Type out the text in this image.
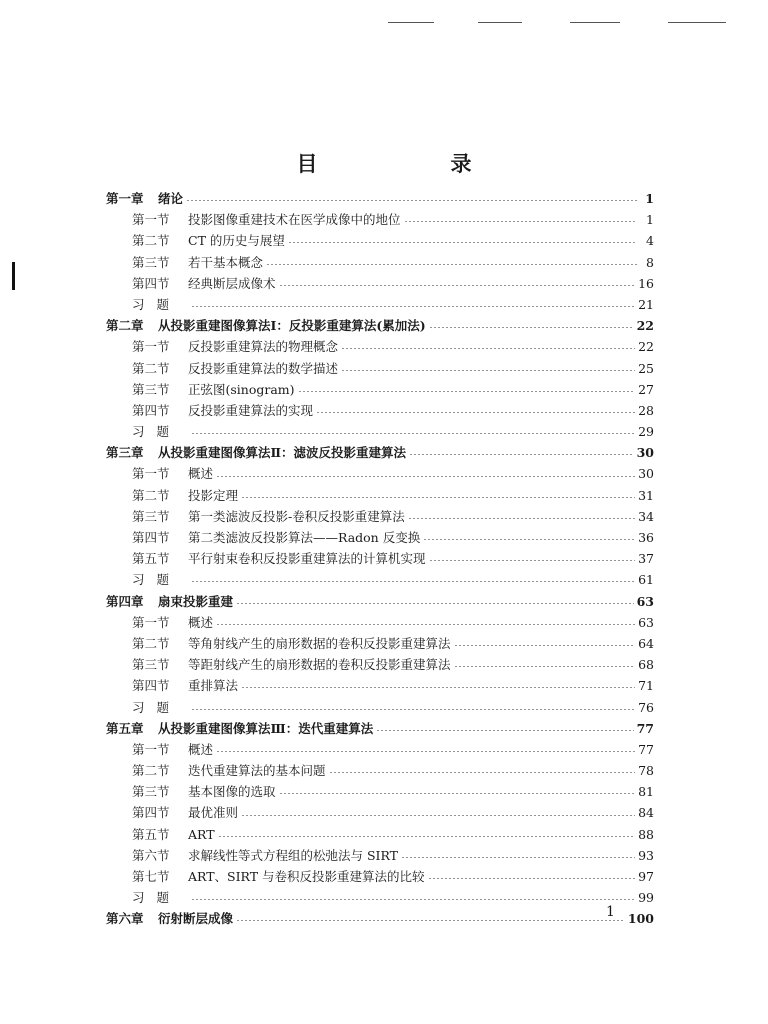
目　录
第一章	绪论	1
第一节	投影图像重建技术在医学成像中的地位	1
第二节	CT 的历史与展望	4
第三节	若干基本概念	8
第四节	经典断层成像术	16
习题	21
第二章	从投影重建图像算法Ⅰ：反投影重建算法(累加法)	22
第一节	反投影重建算法的物理概念	22
第二节	反投影重建算法的数学描述	25
第三节	正弦图(sinogram)	27
第四节	反投影重建算法的实现	28
习题	29
第三章	从投影重建图像算法Ⅱ：滤波反投影重建算法	30
第一节	概述	30
第二节	投影定理	31
第三节	第一类滤波反投影-卷积反投影重建算法	34
第四节	第二类滤波反投影算法——Radon 反变换	36
第五节	平行射束卷积反投影重建算法的计算机实现	37
习题	61
第四章	扇束投影重建	63
第一节	概述	63
第二节	等角射线产生的扇形数据的卷积反投影重建算法	64
第三节	等距射线产生的扇形数据的卷积反投影重建算法	68
第四节	重排算法	71
习题	76
第五章	从投影重建图像算法Ⅲ：迭代重建算法	77
第一节	概述	77
第二节	迭代重建算法的基本问题	78
第三节	基本图像的选取	81
第四节	最优准则	84
第五节	ART	88
第六节	求解线性等式方程组的松弛法与 SIRT	93
第七节	ART、SIRT 与卷积反投影重建算法的比较	97
习题	99
第六章	衍射断层成像	100
1
